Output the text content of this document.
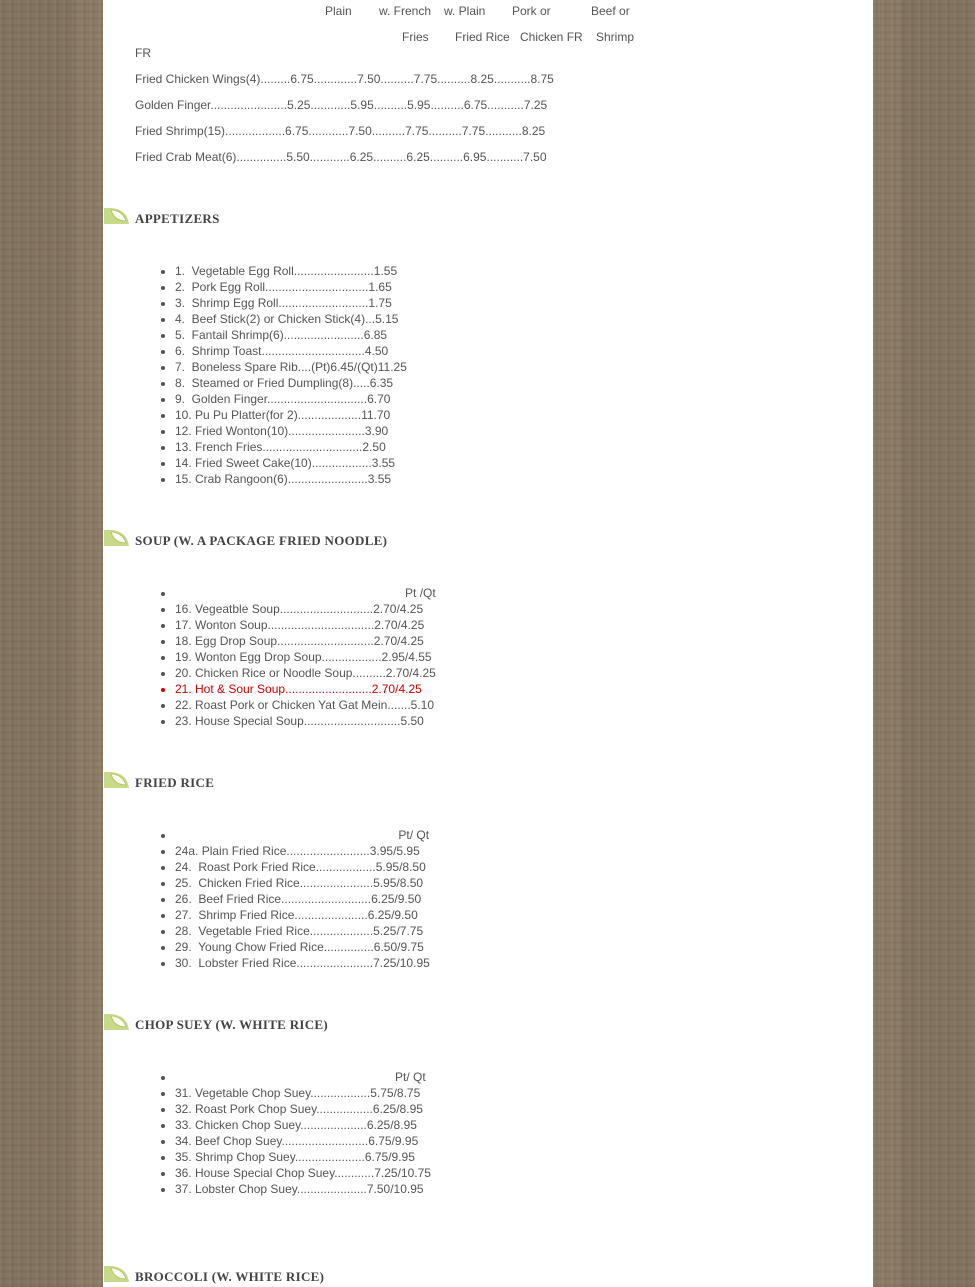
Plain w. French w. Plain Pork or	Beef or
Fries Fried Rice Chicken FR Shrimp
FR
Fried Chicken Wings(4).........6.75.............7.50..........7.75..........8.25...........8.75
Golden Finger.......................5.25............5.95..........5.95..........6.75...........7.25
Fried Shrimp(15)..................6.75............7.50..........7.75..........7.75...........8.25
Fried Crab Meat(6)...............5.50............6.25..........6.25..........6.95...........7.50
APPETIZERS
• 1.  Vegetable Egg Roll........................1.55
• 2.  Pork Egg Roll...............................1.65
• 3.  Shrimp Egg Roll...........................1.75
• 4.  Beef Stick(2) or Chicken Stick(4)...5.15
• 5.  Fantail Shrimp(6)........................6.85
• 6.  Shrimp Toast...............................4.50
• 7.  Boneless Spare Rib....(Pt)6.45/(Qt)11.25
• 8.  Steamed or Fried Dumpling(8).....6.35
• 9.  Golden Finger..............................6.70
• 10. Pu Pu Platter(for 2)...................11.70
• 12. Fried Wonton(10).......................3.90
• 13. French Fries..............................2.50
• 14. Fried Sweet Cake(10)..................3.55
• 15. Crab Rangoon(6)........................3.55
SOUP (W. A PACKAGE FRIED NOODLE)
•                                                                      Pt /Qt
• 16. Vegeatble Soup............................2.70/4.25
• 17. Wonton Soup................................2.70/4.25
• 18. Egg Drop Soup.............................2.70/4.25
• 19. Wonton Egg Drop Soup..................2.95/4.55
• 20. Chicken Rice or Noodle Soup..........2.70/4.25
• 21. Hot & Sour Soup..........................2.70/4.25
• 22. Roast Pork or Chicken Yat Gat Mein.......5.10
• 23. House Special Soup.............................5.50
FRIED RICE
•                                                                    Pt/ Qt
• 24a. Plain Fried Rice.........................3.95/5.95
• 24.  Roast Pork Fried Rice..................5.95/8.50
• 25.  Chicken Fried Rice......................5.95/8.50
• 26.  Beef Fried Rice...........................6.25/9.50
• 27.  Shrimp Fried Rice......................6.25/9.50
• 28.  Vegetable Fried Rice...................5.25/7.75
• 29.  Young Chow Fried Rice...............6.50/9.75
• 30.  Lobster Fried Rice.......................7.25/10.95
CHOP SUEY (W. WHITE RICE)
•                                                                   Pt/ Qt
• 31. Vegetable Chop Suey..................5.75/8.75
• 32. Roast Pork Chop Suey.................6.25/8.95
• 33. Chicken Chop Suey....................6.25/8.95
• 34. Beef Chop Suey..........................6.75/9.95
• 35. Shrimp Chop Suey.....................6.75/9.95
• 36. House Special Chop Suey............7.25/10.75
• 37. Lobster Chop Suey.....................7.50/10.95
BROCCOLI (W. WHITE RICE)
